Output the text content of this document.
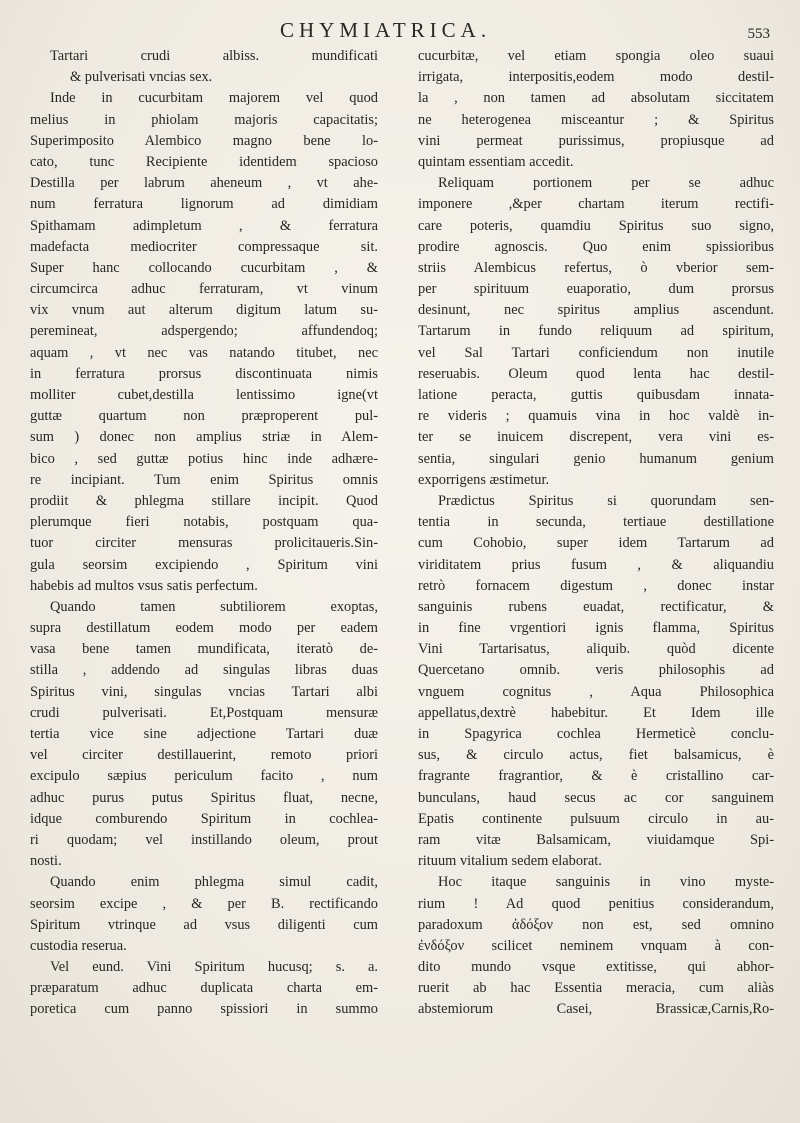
CHYMIATRICA.	553
Tartari crudi albiss. mundificati
& pulverisati vncias sex.
Inde in cucurbitam majorem vel quod
melius in phiolam majoris capacitatis;
Superimposito Alembico magno bene lo-
cato, tunc Recipiente identidem spacioso
Destilla per labrum aheneum , vt ahe-
num ferratura lignorum ad dimidiam
Spithamam adimpletum , & ferratura
madefacta mediocriter compressaque sit.
Super hanc collocando cucurbitam , &
circumcirca adhuc ferraturam, vt vinum
vix vnum aut alterum digitum latum su-
peremineat, adspergendo; affundendoq;
aquam , vt nec vas natando titubet, nec
in ferratura prorsus discontinuata nimis
molliter cubet,destilla lentissimo igne(vt
guttæ quartum non præproperent pul-
sum ) donec non amplius striæ in Alem-
bico , sed guttæ potius hinc inde adhære-
re incipiant. Tum enim Spiritus omnis
prodiit & phlegma stillare incipit. Quod
plerumque fieri notabis, postquam qua-
tuor circiter mensuras prolicitaueris.Sin-
gula seorsim excipiendo , Spiritum vini
habebis ad multos vsus satis perfectum.
Quando tamen subtiliorem exoptas,
supra destillatum eodem modo per eadem
vasa bene tamen mundificata, iteratò de-
stilla , addendo ad singulas libras duas
Spiritus vini, singulas vncias Tartari albi
crudi pulverisati. Et,Postquam mensuræ
tertia vice sine adjectione Tartari duæ
vel circiter destillauerint, remoto priori
excipulo sæpius periculum facito , num
adhuc purus putus Spiritus fluat, necne,
idque comburendo Spiritum in cochlea-
ri quodam; vel instillando oleum, prout
nosti.
Quando enim phlegma simul cadit,
seorsim excipe , & per B. rectificando
Spiritum vtrinque ad vsus diligenti cum
custodia reserua.
Vel eund. Vini Spiritum hucusq; s. a.
præparatum adhuc duplicata charta em-
poretica cum panno spissiori in summo
cucurbitæ, vel etiam spongia oleo suaui
irrigata, interpositis,eodem modo destil-
la , non tamen ad absolutam siccitatem
ne heterogenea misceantur ; & Spiritus
vini permeat purissimus, propiusque ad
quintam essentiam accedit.
Reliquam portionem per se adhuc
imponere ,&per chartam iterum rectifi-
care poteris, quamdiu Spiritus suo signo,
prodire agnoscis. Quo enim spissioribus
striis Alembicus refertus, ò vberior sem-
per spirituum euaporatio, dum prorsus
desinunt, nec spiritus amplius ascendunt.
Tartarum in fundo reliquum ad spiritum,
vel Sal Tartari conficiendum non inutile
reseruabis. Oleum quod lenta hac destil-
latione peracta, guttis quibusdam innata-
re videris ; quamuis vina in hoc valdè in-
ter se inuicem discrepent, vera vini es-
sentia, singulari genio humanum genium
exporrigens æstimetur.
Prædictus Spiritus si quorundam sen-
tentia in secunda, tertiaue destillatione
cum Cohobio, super idem Tartarum ad
viriditatem prius fusum , & aliquandiu
retrò fornacem digestum , donec instar
sanguinis rubens euadat, rectificatur, &
in fine vrgentiori ignis flamma, Spiritus
Vini Tartarisatus, aliquib. quòd dicente
Quercetano omnib. veris philosophis ad
vnguem cognitus , Aqua Philosophica
appellatus,dextrè habebitur. Et Idem ille
in Spagyrica cochlea Hermeticè conclu-
sus, & circulo actus, fiet balsamicus, è
fragrante fragrantior, & è cristallino car-
bunculans, haud secus ac cor sanguinem
Epatis continente pulsuum circulo in au-
ram vitæ Balsamicam, viuidamque Spi-
rituum vitalium sedem elaborat.
Hoc itaque sanguinis in vino myste-
rium ! Ad quod penitius considerandum,
paradoxum ἀδόξον non est, sed omnino
ἐνδόξον scilicet neminem vnquam à con-
dito mundo vsque extitisse, qui abhor-
ruerit ab hac Essentia meracia, cum aliàs
abstemiorum Casei, Brassicæ,Carnis,Ro-
